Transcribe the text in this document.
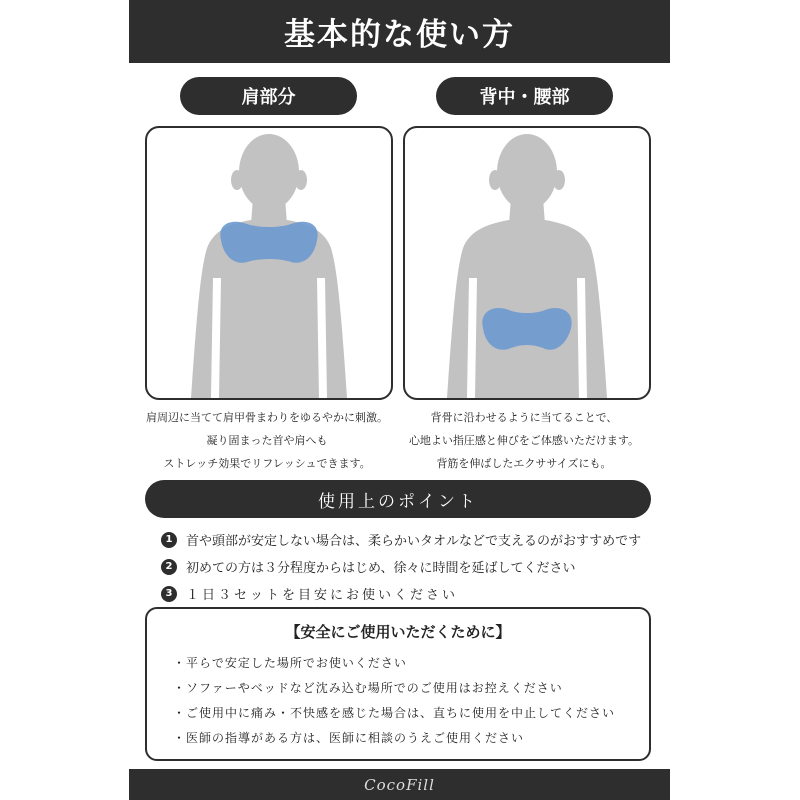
基本的な使い方
肩部分	背中・腰部
肩周辺に当てて肩甲骨まわりをゆるやかに刺激。
凝り固まった首や肩へも
ストレッチ効果でリフレッシュできます。
背骨に沿わせるように当てることで、
心地よい指圧感と伸びをご体感いただけます。
背筋を伸ばしたエクササイズにも。
使用上のポイント
1	首や頭部が安定しない場合は、柔らかいタオルなどで支えるのがおすすめです
2	初めての方は３分程度からはじめ、徐々に時間を延ばしてください
3	１日３セットを目安にお使いください
【安全にご使用いただくために】
・平らで安定した場所でお使いください
・ソファーやベッドなど沈み込む場所でのご使用はお控えください
・ご使用中に痛み・不快感を感じた場合は、直ちに使用を中止してください
・医師の指導がある方は、医師に相談のうえご使用ください
CocoFill
